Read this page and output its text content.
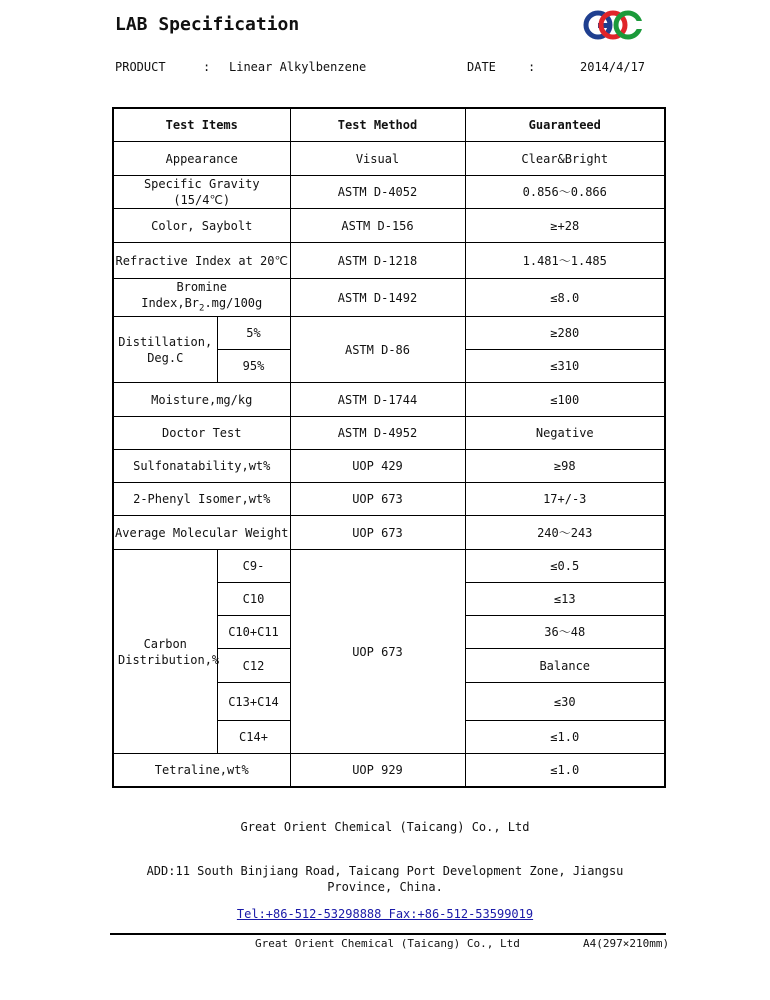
LAB Specification
PRODUCT	: Linear Alkylbenzene	DATE	:	2014/4/17
Test Items		Test Method	Guaranteed
Appearance		Visual	Clear&Bright
Specific Gravity (15/4℃)		ASTM D-4052	0.856～0.866
Color, Saybolt		ASTM D-156	≥+28
Refractive Index at 20℃		ASTM D-1218	1.481～1.485
Bromine $Index,Br_2.mg/100g$		ASTM D-1492	≤8.0
Distillation, Deg.C	5%	ASTM D-86	≥280
	95%		≤310
Moisture,mg/kg		ASTM D-1744	≤100
Doctor Test		ASTM D-4952	Negative
Sulfonatability,wt%		UOP 429	≥98
2-Phenyl Isomer,wt%		UOP 673	17+/-3
Average Molecular Weight		UOP 673	240～243
Carbon Distribution,%	C9-	UOP 673	≤0.5
	C10		≤13
	C10+C11		36～48
	C12		Balance
	C13+C14		≤30
	C14+		≤1.0
Tetraline,wt%		UOP 929	≤1.0
Great Orient Chemical (Taicang) Co., Ltd
ADD:11 South Binjiang Road, Taicang Port Development Zone, Jiangsu Province, China.
Tel:+86-512-53298888 Fax:+86-512-53599019
Great Orient Chemical (Taicang) Co., Ltd	A4(297×210mm)
